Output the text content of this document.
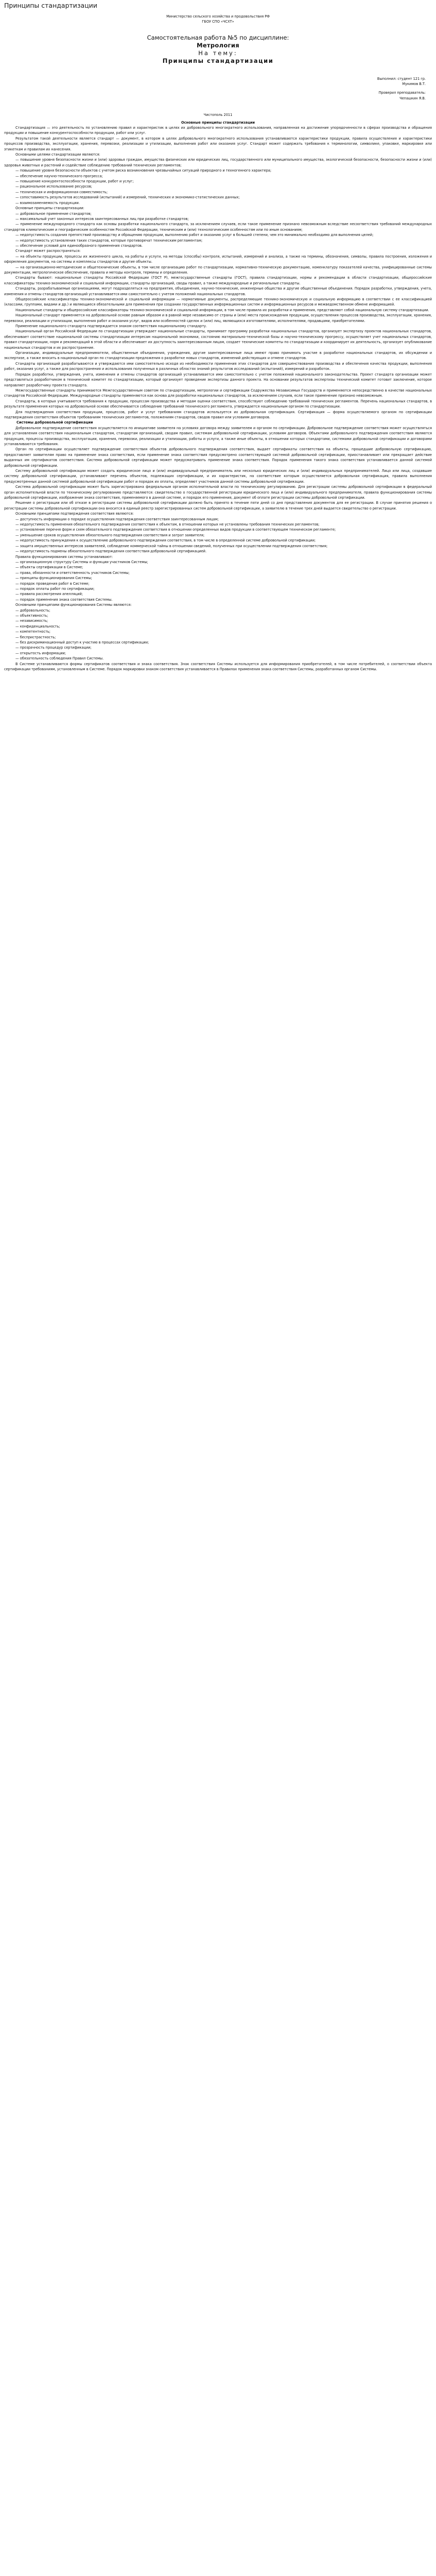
Принципы стандартизации

Министерство сельского хозяйства и продовольствия РФ

ГБОУ СПО «ЧСХТ»

Самостоятельная работа №5 по дисциплине:
Метрология
На тему:
Принципы стандартизации

Выполнил: студент 121 гр.

Мукимов В.Т.

Проверил преподаватель:

Чепашкин Я.В.

Чистополь 2011

Основные принципы стандартизации

Стандартизация — это деятельность по установлению правил и характеристик в целях их добровольного многократного использования, направленная на достижение упорядоченности в сферах производства и обращения продукции и повышение конкурентоспособности продукции, работ или услуг.

Результатом такой деятельности является стандарт — документ, в котором в целях добровольного многократного использования устанавливаются характеристики продукции, правила осуществления и характеристики процессов производства, эксплуатации, хранения, перевозки, реализации и утилизации, выполнения работ или оказания услуг. Стандарт может содержать требования к терминологии, символике, упаковке, маркировке или этикеткам и правилам их нанесения.

Основными целями стандартизации являются:

— повышение уровня безопасности жизни и (или) здоровья граждан, имущества физических или юридических лиц, государственного или муниципального имущества, экологической безопасности, безопасности жизни и (или) здоровья животных и растений и содействие соблюдению требований технических регламентов;

— повышение уровня безопасности объектов с учетом риска возникновения чрезвычайных ситуаций природного и техногенного характера;

— обеспечение научно-технического прогресса;

— повышение конкурентоспособности продукции, работ и услуг;

— рациональное использование ресурсов;

— техническая и информационная совместимость;

— сопоставимость результатов исследований (испытаний) и измерений, технических и экономико-статистических данных;

— взаимозаменяемость продукции.

Основные принципы стандартизации:

— добровольное применение стандартов;

— максимальный учет законных интересов заинтересованных лиц при разработке стандартов;

— применение международного стандарта как основы разработки национального стандарта, за исключением случаев, если такое применение признано невозможным вследствие несоответствия требований международных стандартов климатическим и географическим особенностям Российской Федерации, техническим и (или) технологическим особенностям или по иным основаниям;

— недопустимость создания препятствий производству и обращению продукции, выполнению работ и оказанию услуг в большей степени, чем это минимально необходимо для выполнения целей;

— недопустимость установления таких стандартов, которые противоречат техническим регламентам;

— обеспечение условий для единообразного применения стандартов.

Стандарт может распространяться:

— на объекты продукции, процессы их жизненного цикла, на работы и услуги, на методы (способы) контроля, испытаний, измерений и анализа, а также на термины, обозначения, символы, правила построения, изложения и оформления документов, на системы и комплексы стандартов и другие объекты.

— на организационно-методические и общетехнические объекты, в том числе организацию работ по стандартизации, нормативно-техническую документацию, номенклатуру показателей качества, унифицированные системы документации, метрологическое обеспечение, правила и методы контроля, термины и определения.

Стандарты бывают: национальные стандарты Российской Федерации (ГОСТ Р), межгосударственные стандарты (ГОСТ), правила стандартизации, нормы и рекомендации в области стандартизации, общероссийские классификаторы технико-экономической и социальной информации, стандарты организаций, своды правил, а также международные и региональные стандарты.

Стандарты, разрабатываемые организациями, могут подразделяться на предприятия, объединения, научно-технические, инженерные общества и другие общественные объединения. Порядок разработки, утверждения, учета, изменения и отмены стандартов организаций устанавливается ими самостоятельно с учетом положений национальных стандартов.

Общероссийские классификаторы технико-экономической и социальной информации — нормативные документы, распределяющие технико-экономическую и социальную информацию в соответствии с ее классификацией (классами, группами, видами и др.) и являющиеся обязательными для применения при создании государственных информационных систем и информационных ресурсов и межведомственном обмене информацией.

Национальные стандарты и общероссийские классификаторы технико-экономической и социальной информации, в том числе правила их разработки и применения, представляют собой национальную систему стандартизации.

Национальный стандарт применяется на добровольной основе равным образом и в равной мере независимо от страны и (или) места происхождения продукции, осуществления процессов производства, эксплуатации, хранения, перевозки, реализации и утилизации, выполнения работ и оказания услуг, видов или особенностей сделок и (или) лиц, являющихся изготовителями, исполнителями, продавцами, приобретателями.

Применение национального стандарта подтверждается знаком соответствия национальному стандарту.

Национальный орган Российской Федерации по стандартизации утверждает национальные стандарты, принимает программу разработки национальных стандартов, организует экспертизу проектов национальных стандартов, обеспечивает соответствие национальной системы стандартизации интересам национальной экономики, состоянию материально-технической базы и научно-техническому прогрессу, осуществляет учет национальных стандартов, правил стандартизации, норм и рекомендаций в этой области и обеспечивает их доступность заинтересованным лицам, создает технические комитеты по стандартизации и координирует их деятельность, организует опубликование национальных стандартов и их распространение.

Организации, индивидуальные предприниматели, общественные объединения, учреждения, другие заинтересованные лица имеют право принимать участие в разработке национальных стандартов, их обсуждении и экспертизе, а также вносить в национальный орган по стандартизации предложения о разработке новых стандартов, изменений действующих и отмене стандартов.

Стандарты организаций разрабатываются и утверждаются ими самостоятельно исходя из необходимости применения этих стандартов для совершенствования производства и обеспечения качества продукции, выполнения работ, оказания услуг, а также для распространения и использования полученных в различных областях знаний результатов исследований (испытаний), измерений и разработок.

Порядок разработки, утверждения, учета, изменения и отмены стандартов организаций устанавливается ими самостоятельно с учетом положений национального законодательства. Проект стандарта организации может представляться разработчиком в технический комитет по стандартизации, который организует проведение экспертизы данного проекта. На основании результатов экспертизы технический комитет готовит заключение, которое направляет разработчику проекта стандарта.

Межгосударственные стандарты принимаются Межгосударственным советом по стандартизации, метрологии и сертификации Содружества Независимых Государств и применяются непосредственно в качестве национальных стандартов Российской Федерации. Международные стандарты применяются как основа для разработки национальных стандартов, за исключением случаев, если такое применение признано невозможным.

Стандарты, в которых учитываются требования к продукции, процессам производства и методам оценки соответствия, способствуют соблюдению требований технических регламентов. Перечень национальных стандартов, в результате применения которых на добровольной основе обеспечивается соблюдение требований технического регламента, утверждается национальным органом по стандартизации.

Для подтверждения соответствия продукции, процессов, работ и услуг требованиям стандартов используется их добровольная сертификация. Сертификация — форма осуществляемого органом по сертификации подтверждения соответствия объектов требованиям технических регламентов, положениям стандартов, сводов правил или условиям договоров.

Системы добровольной сертификации

Добровольное подтверждение соответствия осуществляется по инициативе заявителя на условиях договора между заявителем и органом по сертификации. Добровольное подтверждение соответствия может осуществляться для установления соответствия национальным стандартам, стандартам организаций, сводам правил, системам добровольной сертификации, условиям договоров. Объектами добровольного подтверждения соответствия являются продукция, процессы производства, эксплуатации, хранения, перевозки, реализации и утилизации, работы и услуги, а также иные объекты, в отношении которых стандартами, системами добровольной сертификации и договорами устанавливаются требования.

Орган по сертификации осуществляет подтверждение соответствия объектов добровольного подтверждения соответствия, выдает сертификаты соответствия на объекты, прошедшие добровольную сертификацию, предоставляет заявителям право на применение знака соответствия, если применение знака соответствия предусмотрено соответствующей системой добровольной сертификации, приостанавливает или прекращает действие выданных им сертификатов соответствия. Система добровольной сертификации может предусматривать применение знака соответствия. Порядок применения такого знака соответствия устанавливается данной системой добровольной сертификации.

Систему добровольной сертификации может создать юридическое лицо и (или) индивидуальный предприниматель или несколько юридических лиц и (или) индивидуальных предпринимателей. Лицо или лица, создавшие систему добровольной сертификации, устанавливают перечень объектов, подлежащих сертификации, и их характеристик, на соответствие которым осуществляется добровольная сертификация, правила выполнения предусмотренных данной системой добровольной сертификации работ и порядок их оплаты, определяют участников данной системы добровольной сертификации.

Система добровольной сертификации может быть зарегистрирована федеральным органом исполнительной власти по техническому регулированию. Для регистрации системы добровольной сертификации в федеральный орган исполнительной власти по техническому регулированию представляются: свидетельство о государственной регистрации юридического лица и (или) индивидуального предпринимателя, правила функционирования системы добровольной сертификации, изображение знака соответствия, применяемого в данной системе, и порядок его применения, документ об оплате регистрации системы добровольной сертификации.

Решение о регистрации или об отказе в регистрации системы добровольной сертификации должно быть принято в течение пяти дней со дня представления документов для ее регистрации. В случае принятия решения о регистрации системы добровольной сертификации она вносится в единый реестр зарегистрированных систем добровольной сертификации, а заявителю в течение трех дней выдается свидетельство о регистрации.

Основными принципами подтверждения соответствия являются:

— доступность информации о порядке осуществления подтверждения соответствия заинтересованным лицам;

— недопустимость применения обязательного подтверждения соответствия к объектам, в отношении которых не установлены требования технических регламентов;

— установление перечня форм и схем обязательного подтверждения соответствия в отношении определенных видов продукции в соответствующем техническом регламенте;

— уменьшение сроков осуществления обязательного подтверждения соответствия и затрат заявителя;

— недопустимость принуждения к осуществлению добровольного подтверждения соответствия, в том числе в определенной системе добровольной сертификации;

— защита имущественных интересов заявителей, соблюдение коммерческой тайны в отношении сведений, полученных при осуществлении подтверждения соответствия;

— недопустимость подмены обязательного подтверждения соответствия добровольной сертификацией.

Правила функционирования системы устанавливают:

— организационную структуру Системы и функции участников Системы;

— объекты сертификации в Системе;

— права, обязанности и ответственность участников Системы;

— принципы функционирования Системы;

— порядок проведения работ в Системе;

— порядок оплаты работ по сертификации;

— правила рассмотрения апелляций;

— порядок применения знака соответствия Системы.

Основными принципами функционирования Системы являются:

— добровольность;

— объективность;

— независимость;

— конфиденциальность;

— компетентность;

— беспристрастность;

— без дискриминационный доступ к участию в процессах сертификации;

— прозрачность процедур сертификации;

— открытость информации;

— обязательность соблюдения Правил Системы.

В Системе устанавливаются формы сертификатов соответствия и знака соответствия. Знак соответствия Системы используется для информирования приобретателей, в том числе потребителей, о соответствии объекта сертификации требованиям, установленным в Системе. Порядок маркировки знаком соответствия устанавливается в Правилах применения знака соответствия Системы, разработанных органом Системы.
